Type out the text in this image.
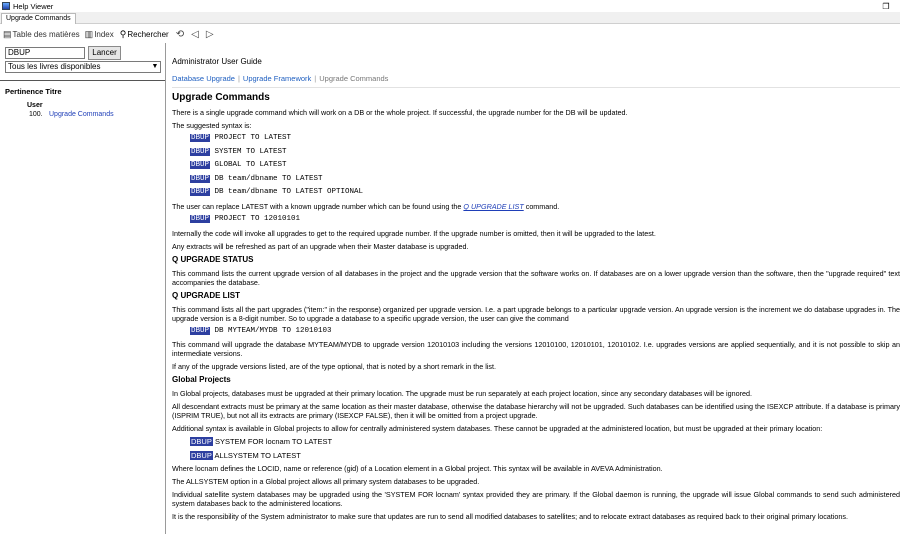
Help Viewer	❐
Upgrade Commands
▤ Table des matières ▥ Index ⚲ Rechercher ⟲ ◁ ▷
DBUP	Lancer
Tous les livres disponibles	▼
Pertinence Titre
User
100. Upgrade Commands
Administrator User Guide
Database Upgrade | Upgrade Framework | Upgrade Commands
Upgrade Commands
There is a single upgrade command which will work on a DB or the whole project. If successful, the upgrade number for the DB will be updated.
The suggested syntax is:
DBUP PROJECT TO LATEST
DBUP SYSTEM TO LATEST
DBUP GLOBAL TO LATEST
DBUP DB team/dbname TO LATEST
DBUP DB team/dbname TO LATEST OPTIONAL
The user can replace LATEST with a known upgrade number which can be found using the Q UPGRADE LIST command.
DBUP PROJECT TO 12010101
Internally the code will invoke all upgrades to get to the required upgrade number. If the upgrade number is omitted, then it will be upgraded to the latest.
Any extracts will be refreshed as part of an upgrade when their Master database is upgraded.
Q UPGRADE STATUS
This command lists the current upgrade version of all databases in the project and the upgrade version that the software works on. If databases are on a lower upgrade version than the software, then the "upgrade required" text accompanies the database.
Q UPGRADE LIST
This command lists all the part upgrades ("item:" in the response) organized per upgrade version. I.e. a part upgrade belongs to a particular upgrade version. An upgrade version is the increment we do database upgrades in. The upgrade version is a 8-digit number. So to upgrade a database to a specific upgrade version, the user can give the command
DBUP DB MYTEAM/MYDB TO 12010103
This command will upgrade the database MYTEAM/MYDB to upgrade version 12010103 including the versions 12010100, 12010101, 12010102. I.e. upgrades versions are applied sequentially, and it is not possible to skip an intermediate versions.
If any of the upgrade versions listed, are of the type optional, that is noted by a short remark in the list.
Global Projects
In Global projects, databases must be upgraded at their primary location. The upgrade must be run separately at each project location, since any secondary databases will be ignored.
All descendant extracts must be primary at the same location as their master database, otherwise the database hierarchy will not be upgraded. Such databases can be identified using the ISEXCP attribute. If a database is primary (ISPRIM TRUE), but not all its extracts are primary (ISEXCP FALSE), then it will be omitted from a project upgrade.
Additional syntax is available in Global projects to allow for centrally administered system databases. These cannot be upgraded at the administered location, but must be upgraded at their primary location:
DBUP SYSTEM FOR locnam TO LATEST
DBUP ALLSYSTEM TO LATEST
Where locnam defines the LOCID, name or reference (gid) of a Location element in a Global project. This syntax will be available in AVEVA Administration.
The ALLSYSTEM option in a Global project allows all primary system databases to be upgraded.
Individual satellite system databases may be upgraded using the 'SYSTEM FOR locnam' syntax provided they are primary. If the Global daemon is running, the upgrade will issue Global commands to send such administered system databases back to the administered locations.
It is the responsibility of the System administrator to make sure that updates are run to send all modified databases to satellites; and to relocate extract databases as required back to their original primary locations.
